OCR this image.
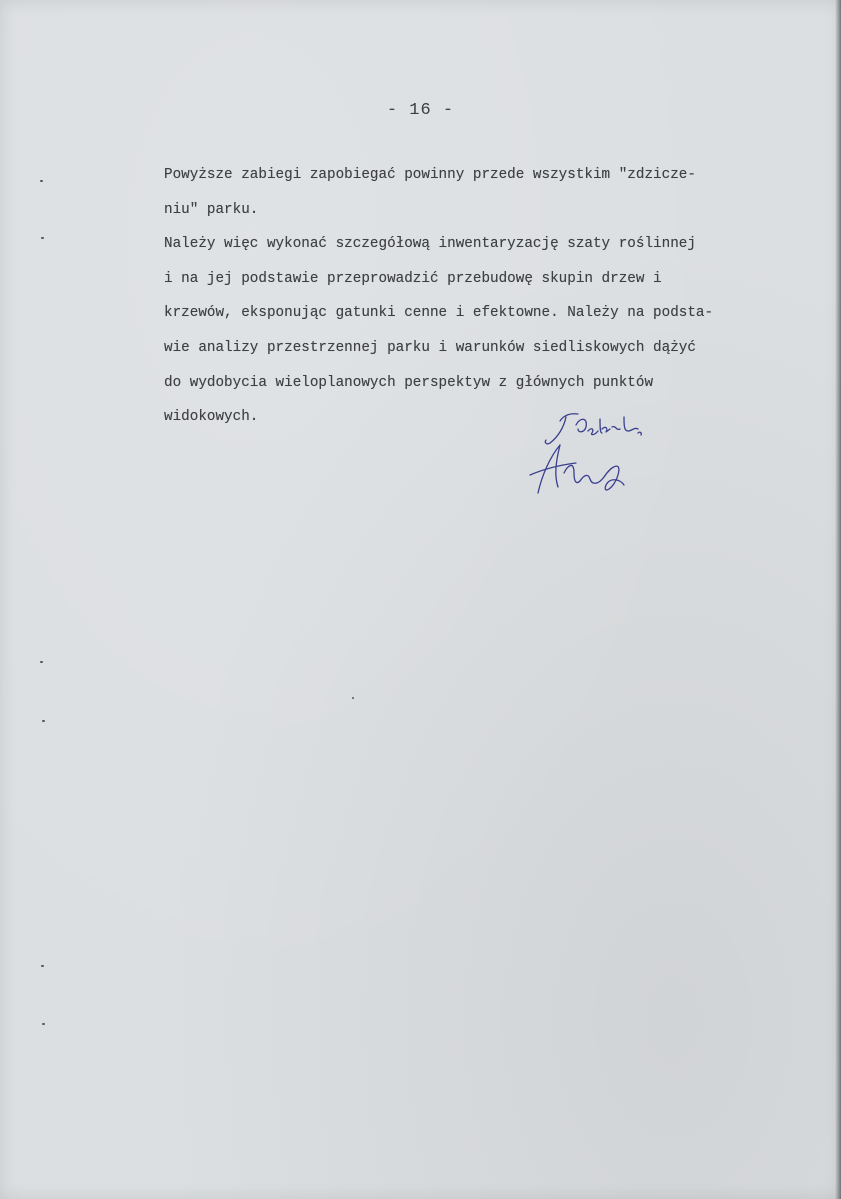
- 16 -
Powyższe zabiegi zapobiegać powinny przede wszystkim "zdzicze-
niu" parku.
Należy więc wykonać szczegółową inwentaryzację szaty roślinnej
i na jej podstawie przeprowadzić przebudowę skupin drzew i
krzewów, eksponując gatunki cenne i efektowne. Należy na podsta-
wie analizy przestrzennej parku i warunków siedliskowych dążyć
do wydobycia wieloplanowych perspektyw z głównych punktów
widokowych.
